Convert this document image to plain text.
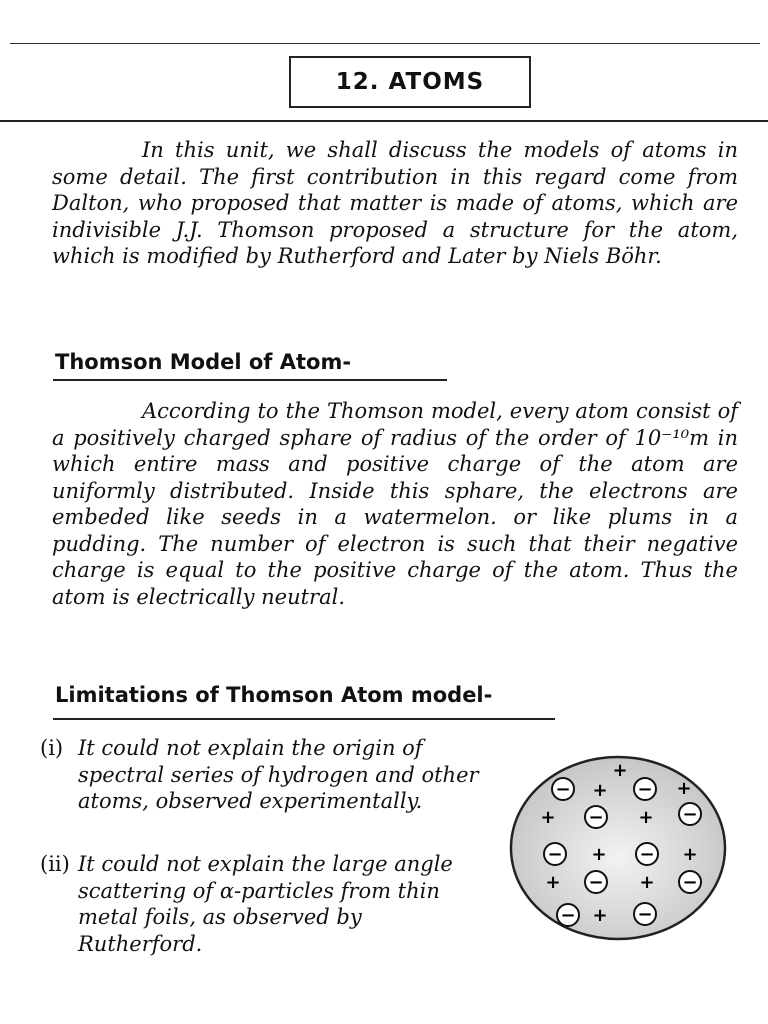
12. ATOMS

In this unit, we shall discuss the models of atoms in some detail. The first contribution in this regard come from Dalton, who proposed that matter is made of atoms, which are indivisible J.J. Thomson proposed a structure for the atom, which is modified by Rutherford and Later by Niels Böhr.

Thomson Model of Atom-

According to the Thomson model, every atom consist of a positively charged sphare of radius of the order of 10⁻¹⁰m in which entire mass and positive charge of the atom are uniformly distributed. Inside this sphare, the electrons are embeded like seeds in a watermelon. or like plums in a pudding. The number of electron is such that their negative charge is equal to the positive charge of the atom. Thus the atom is electrically neutral.

Limitations of Thomson Atom model-
(i) It could not explain the origin of spectral series of hydrogen and other atoms, observed experimentally.
(ii) It could not explain the large angle scattering of α-particles from thin metal foils, as observed by Rutherford.
−	−
−	−
−	−
−	−
−	−
+
+	+
+	+
+	+
+	+
+
